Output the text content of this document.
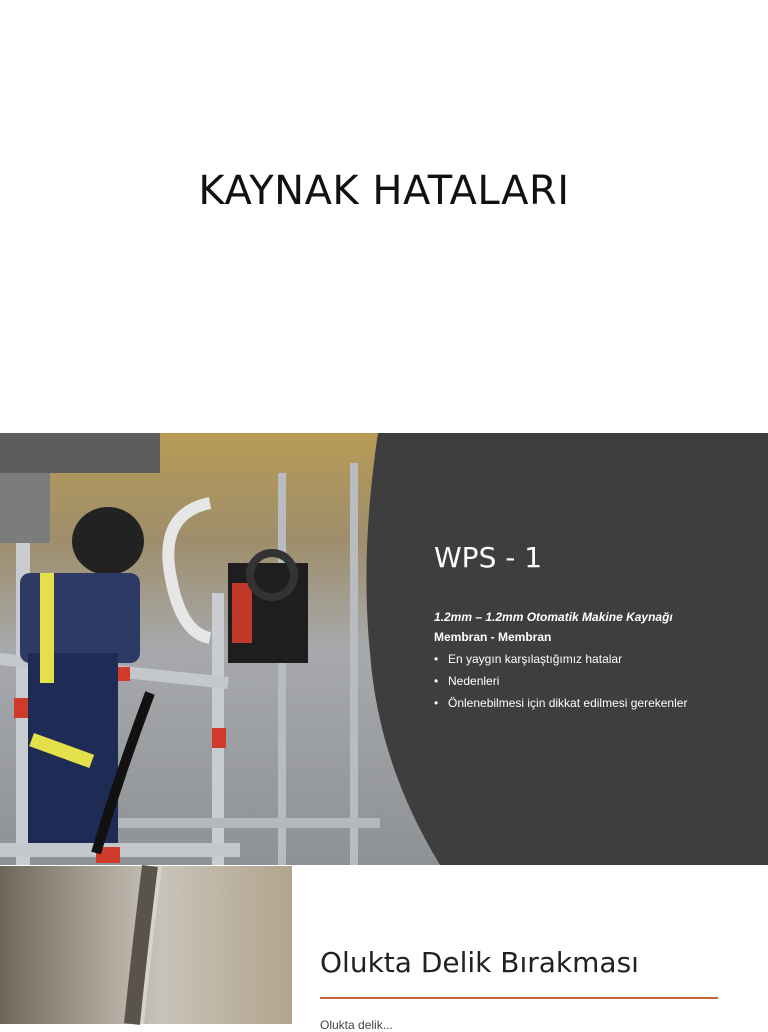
KAYNAK HATALARI
WPS - 1
1.2mm – 1.2mm Otomatik Makine Kaynağı
Membran - Membran
• En yaygın karşılaştığımız hatalar
• Nedenleri
• Önlenebilmesi için dikkat edilmesi gerekenler
Olukta Delik Bırakması
Olukta delik...
